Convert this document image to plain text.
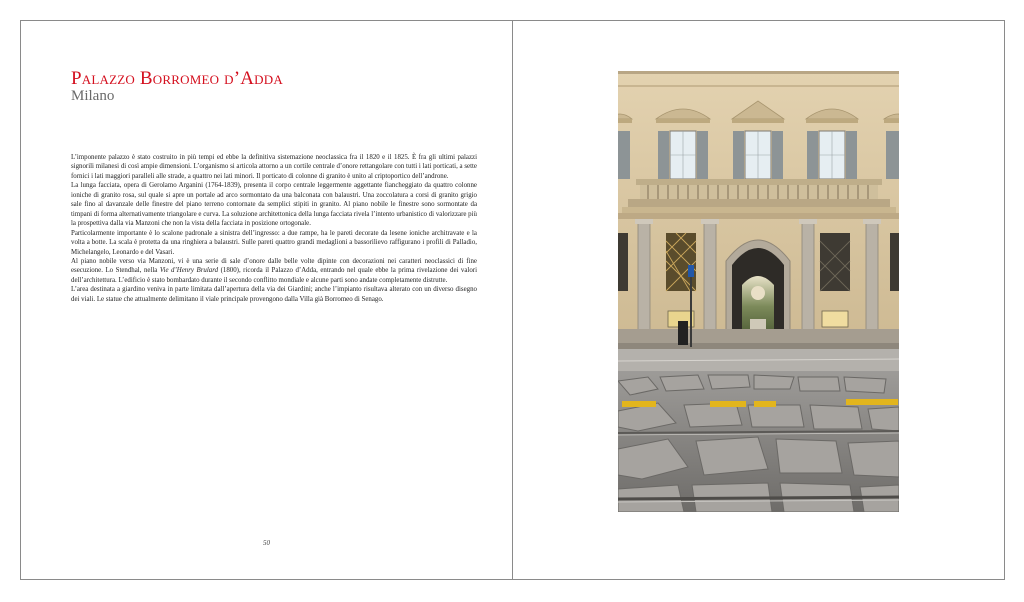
Palazzo Borromeo d’Adda
Milano

L’imponente palazzo è stato costruito in più tempi ed ebbe la definitiva sistemazione neoclassica fra il 1820 e il 1825. È fra gli ultimi palazzi signorili milanesi di così ampie dimensioni. L’organismo si articola attorno a un cortile centrale d’onore rettangolare con tutti i lati porticati, a sette fornici i lati maggiori paralleli alle strade, a quattro nei lati minori. Il porticato di colonne di granito è unito al criptoportico dell’androne.

La lunga facciata, opera di Gerolamo Arganini (1764-1839), presenta il corpo centrale leggermente aggettante fiancheggiato da quattro colonne ioniche di granito rosa, sul quale si apre un portale ad arco sormontato da una balconata con balaustri. Una zoccolatura a corsi di granito grigio sale fino al davanzale delle finestre del piano terreno contornate da semplici stipiti in granito. Al piano nobile le finestre sono sormontate da timpani di forma alternativamente triangolare e curva. La soluzione architettonica della lunga facciata rivela l’intento urbanistico di valorizzare più la prospettiva dalla via Manzoni che non la vista della facciata in posizione ortogonale.

Particolarmente importante è lo scalone padronale a sinistra dell’ingresso: a due rampe, ha le pareti decorate da lesene ioniche architravate e la volta a botte. La scala è protetta da una ringhiera a balaustri. Sulle pareti quattro grandi medaglioni a bassorilievo raffigurano i profili di Palladio, Michelangelo, Leonardo e del Vasari.

Al piano nobile verso via Manzoni, vi è una serie di sale d’onore dalle belle volte dipinte con decorazioni nei caratteri neoclassici di fine esecuzione. Lo Stendhal, nella Vie d’Henry Brulard (1800), ricorda il Palazzo d’Adda, entrando nel quale ebbe la prima rivelazione dei valori dell’architettura. L’edificio è stato bombardato durante il secondo conflitto mondiale e alcune parti sono andate completamente distrutte.

L’area destinata a giardino veniva in parte limitata dall’apertura della via dei Giardini; anche l’impianto risultava alterato con un diverso disegno dei viali. Le statue che attualmente delimitano il viale principale provengono dalla Villa già Borromeo di Senago.

50
